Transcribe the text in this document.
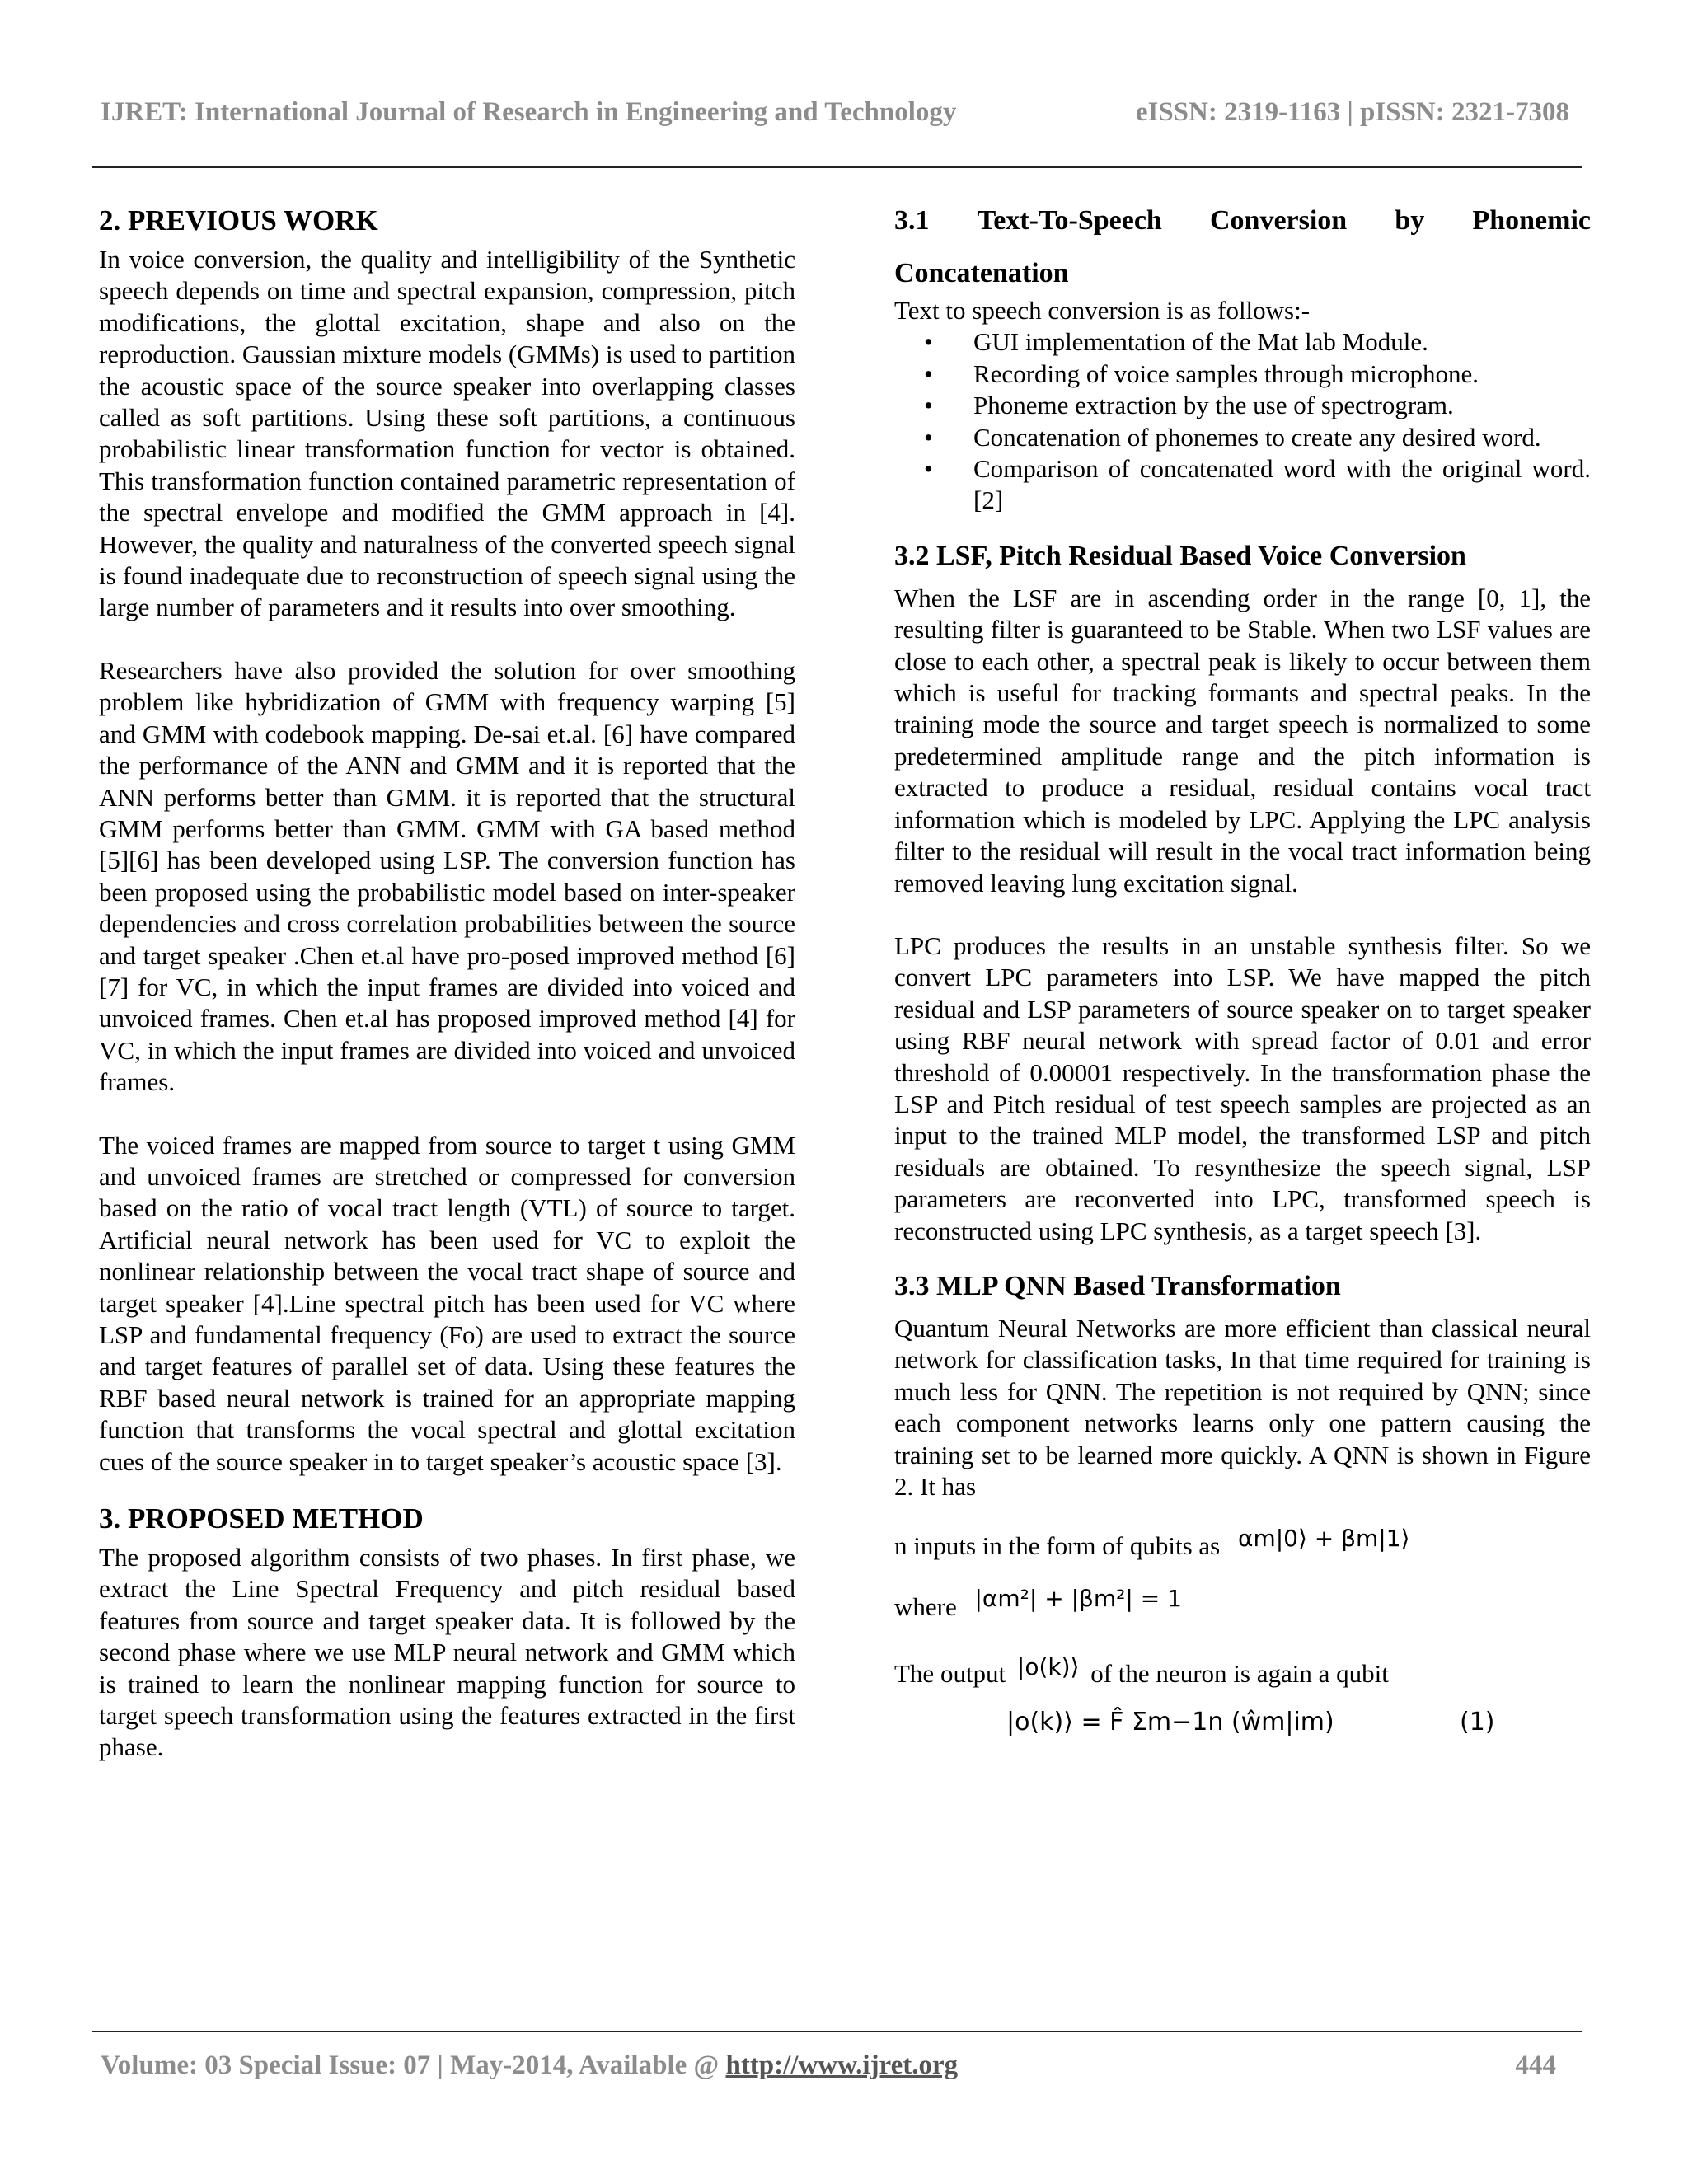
IJRET: International Journal of Research in Engineering and Technology	eISSN: 2319-1163 | pISSN: 2321-7308
2. PREVIOUS WORK

In voice conversion, the quality and intelligibility of the Synthetic speech depends on time and spectral expansion, compression, pitch modifications, the glottal excitation, shape and also on the reproduction. Gaussian mixture models (GMMs) is used to partition the acoustic space of the source speaker into overlapping classes called as soft partitions. Using these soft partitions, a continuous probabilistic linear transformation function for vector is obtained. This transformation function contained parametric representation of the spectral envelope and modified the GMM approach in [4]. However, the quality and naturalness of the converted speech signal is found inadequate due to reconstruction of speech signal using the large number of parameters and it results into over smoothing.

Researchers have also provided the solution for over smoothing problem like hybridization of GMM with frequency warping [5] and GMM with codebook mapping. De-sai et.al. [6] have compared the performance of the ANN and GMM and it is reported that the ANN performs better than GMM. it is reported that the structural GMM performs better than GMM. GMM with GA based method [5][6] has been developed using LSP. The conversion function has been proposed using the probabilistic model based on inter-speaker dependencies and cross correlation probabilities between the source and target speaker .Chen et.al have pro-posed improved method [6][7] for VC, in which the input frames are divided into voiced and unvoiced frames. Chen et.al has proposed improved method [4] for VC, in which the input frames are divided into voiced and unvoiced frames.

The voiced frames are mapped from source to target t using GMM and unvoiced frames are stretched or compressed for conversion based on the ratio of vocal tract length (VTL) of source to target. Artificial neural network has been used for VC to exploit the nonlinear relationship between the vocal tract shape of source and target speaker [4].Line spectral pitch has been used for VC where LSP and fundamental frequency (Fo) are used to extract the source and target features of parallel set of data. Using these features the RBF based neural network is trained for an appropriate mapping function that transforms the vocal spectral and glottal excitation cues of the source speaker in to target speaker’s acoustic space [3].

3. PROPOSED METHOD

The proposed algorithm consists of two phases. In first phase, we extract the Line Spectral Frequency and pitch residual based features from source and target speaker data. It is followed by the second phase where we use MLP neural network and GMM which is trained to learn the nonlinear mapping function for source to target speech transformation using the features extracted in the first phase.

3.1 Text-To-Speech Conversion by Phonemic
Concatenation

Text to speech conversion is as follows:-

• GUI implementation of the Mat lab Module.
• Recording of voice samples through microphone.
• Phoneme extraction by the use of spectrogram.
• Concatenation of phonemes to create any desired word.
• Comparison of concatenated word with the original word. [2]
3.2 LSF, Pitch Residual Based Voice Conversion

When the LSF are in ascending order in the range [0, 1], the resulting filter is guaranteed to be Stable. When two LSF values are close to each other, a spectral peak is likely to occur between them which is useful for tracking formants and spectral peaks. In the training mode the source and target speech is normalized to some predetermined amplitude range and the pitch information is extracted to produce a residual, residual contains vocal tract information which is modeled by LPC. Applying the LPC analysis filter to the residual will result in the vocal tract information being removed leaving lung excitation signal.

LPC produces the results in an unstable synthesis filter. So we convert LPC parameters into LSP. We have mapped the pitch residual and LSP parameters of source speaker on to target speaker using RBF neural network with spread factor of 0.01 and error threshold of 0.00001 respectively. In the transformation phase the LSP and Pitch residual of test speech samples are projected as an input to the trained MLP model, the transformed LSP and pitch residuals are obtained. To resynthesize the speech signal, LSP parameters are reconverted into LPC, transformed speech is reconstructed using LPC synthesis, as a target speech [3].

3.3 MLP QNN Based Transformation

Quantum Neural Networks are more efficient than classical neural network for classification tasks, In that time required for training is much less for QNN. The repetition is not required by QNN; since each component networks learns only one pattern causing the training set to be learned more quickly. A QNN is shown in Figure 2. It has

n inputs in the form of qubits as αm|0⟩ + βm|1⟩

where |αm²| + |βm²| = 1

The output |o(k)⟩ of the neuron is again a qubit

|o(k)⟩ = F̂ Σm−1n (ŵm|im)	(1)
Volume: 03 Special Issue: 07 | May-2014, Available @ http://www.ijret.org	444
